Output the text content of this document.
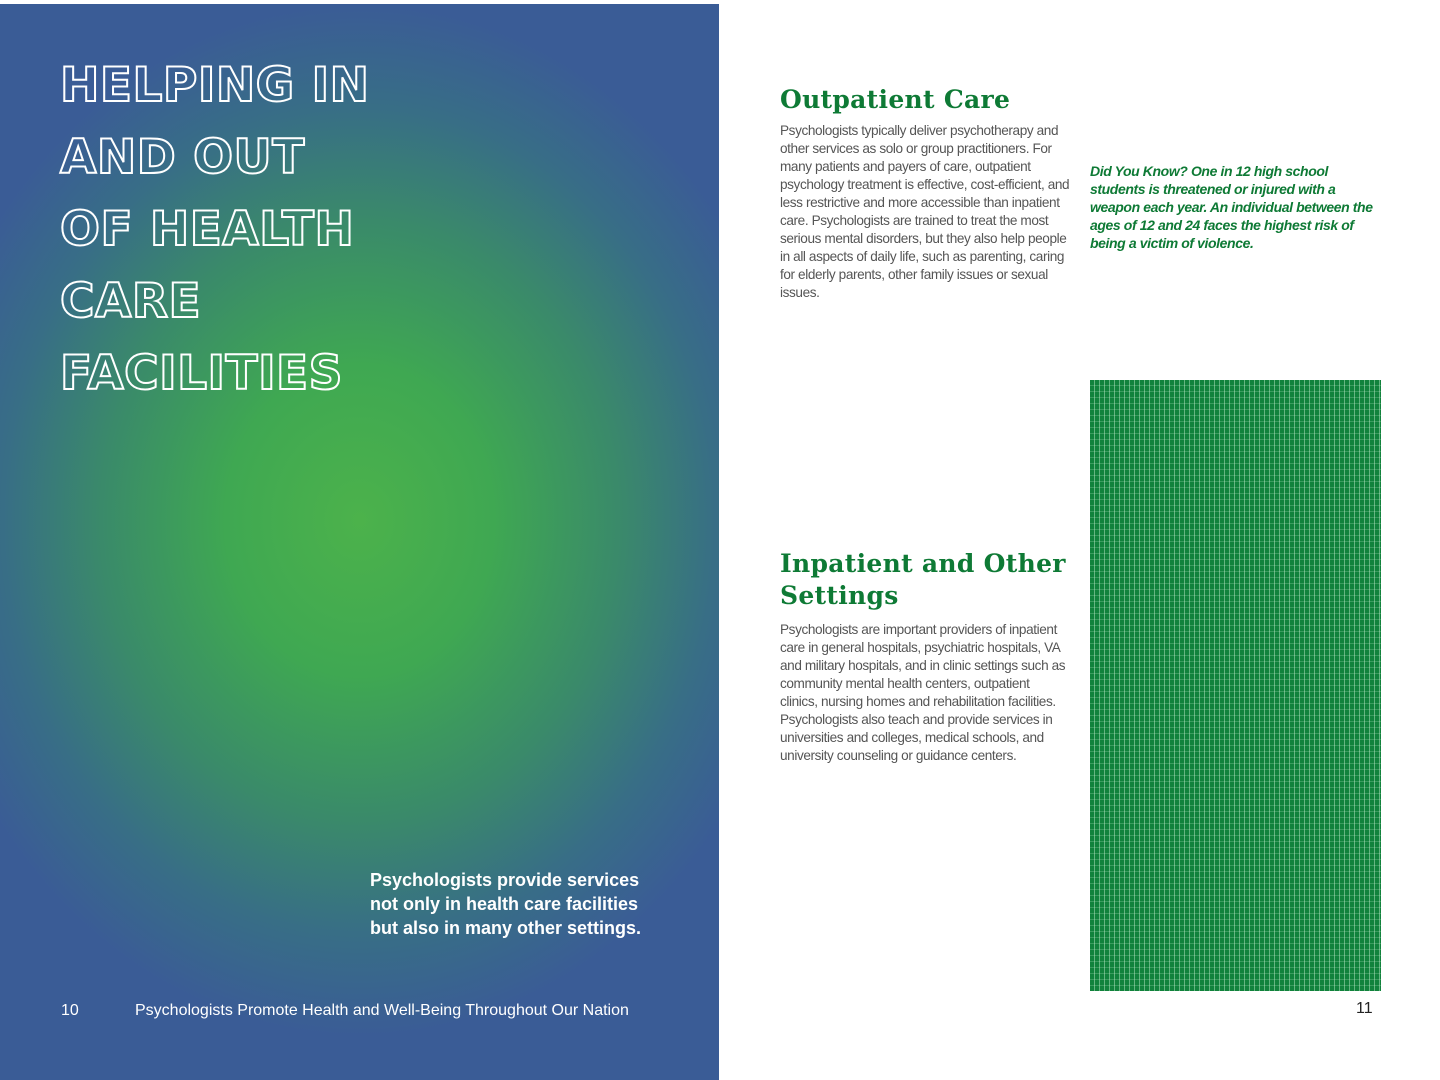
HELPING IN
AND OUT
OF HEALTH
CARE
FACILITIES
Psychologists provide services not only in health care facilities but also in many other settings.
10	Psychologists Promote Health and Well-Being Throughout Our Nation
Outpatient Care

Psychologists typically deliver psychotherapy and other services as solo or group practitioners. For many patients and payers of care, outpatient psychology treatment is effective, cost-efficient, and less restrictive and more accessible than inpatient care. Psychologists are trained to treat the most serious mental disorders, but they also help people in all aspects of daily life, such as parenting, caring for elderly parents, other family issues or sexual issues.

Did You Know? One in 12 high school students is threatened or injured with a weapon each year. An individual between the ages of 12 and 24 faces the highest risk of being a victim of violence.

Inpatient and Other Settings

Psychologists are important providers of inpatient care in general hospitals, psychiatric hospitals, VA and military hospitals, and in clinic settings such as community mental health centers, outpatient clinics, nursing homes and rehabilitation facilities. Psychologists also teach and provide services in universities and colleges, medical schools, and university counseling or guidance centers.

11
